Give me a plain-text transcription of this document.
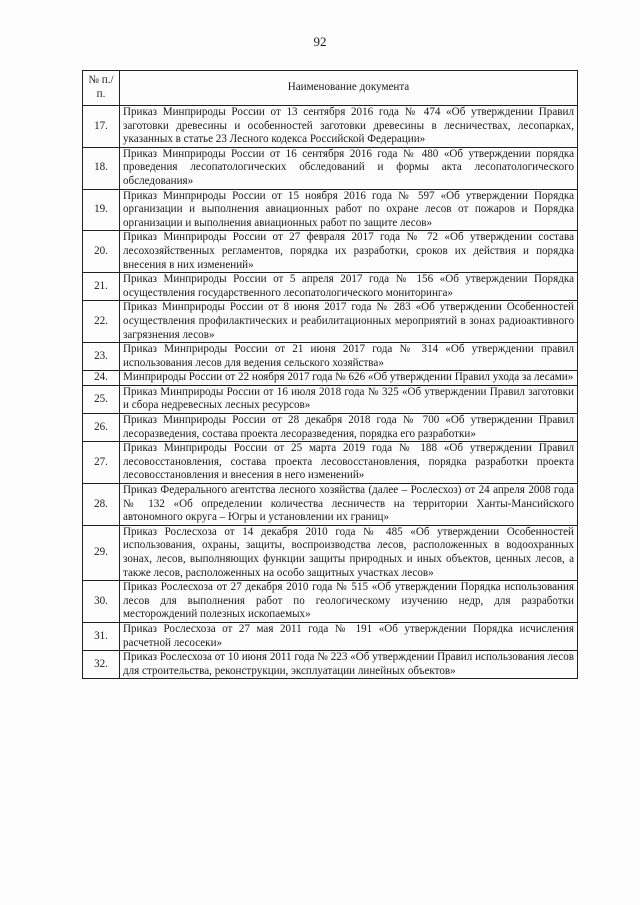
92
№ п./п.	Наименование документа
17.	Приказ Минприроды России от 13 сентября 2016 года № 474 «Об утверждении Правил заготовки древесины и особенностей заготовки древесины в лесничествах, лесопарках, указанных в статье 23 Лесного кодекса Российской Федерации»
18.	Приказ Минприроды России от 16 сентября 2016 года № 480 «Об утверждении порядка проведения лесопатологических обследований и формы акта лесопатологического обследования»
19.	Приказ Минприроды России от 15 ноября 2016 года № 597 «Об утверждении Порядка организации и выполнения авиационных работ по охране лесов от пожаров и Порядка организации и выполнения авиационных работ по защите лесов»
20.	Приказ Минприроды России от 27 февраля 2017 года № 72 «Об утверждении состава лесохозяйственных регламентов, порядка их разработки, сроков их действия и порядка внесения в них изменений»
21.	Приказ Минприроды России от 5 апреля 2017 года № 156 «Об утверждении Порядка осуществления государственного лесопатологического мониторинга»
22.	Приказ Минприроды России от 8 июня 2017 года № 283 «Об утверждении Особенностей осуществления профилактических и реабилитационных мероприятий в зонах радиоактивного загрязнения лесов»
23.	Приказ Минприроды России от 21 июня 2017 года № 314 «Об утверждении правил использования лесов для ведения сельского хозяйства»
24.	Минприроды России от 22 ноября 2017 года № 626 «Об утверждении Правил ухода за лесами»
25.	Приказ Минприроды России от 16 июля 2018 года № 325 «Об утверждении Правил заготовки и сбора недревесных лесных ресурсов»
26.	Приказ Минприроды России от 28 декабря 2018 года № 700 «Об утверждении Правил лесоразведения, состава проекта лесоразведения, порядка его разработки»
27.	Приказ Минприроды России от 25 марта 2019 года № 188 «Об утверждении Правил лесовосстановления, состава проекта лесовосстановления, порядка разработки проекта лесовосстановления и внесения в него изменений»
28.	Приказ Федерального агентства лесного хозяйства (далее – Рослесхоз) от 24 апреля 2008 года № 132 «Об определении количества лесничеств на территории Ханты-Мансийского автономного округа – Югры и установлении их границ»
29.	Приказ Рослесхоза от 14 декабря 2010 года № 485 «Об утверждении Особенностей использования, охраны, защиты, воспроизводства лесов, расположенных в водоохранных зонах, лесов, выполняющих функции защиты природных и иных объектов, ценных лесов, а также лесов, расположенных на особо защитных участках лесов»
30.	Приказ Рослесхоза от 27 декабря 2010 года № 515 «Об утверждении Порядка использования лесов для выполнения работ по геологическому изучению недр, для разработки месторождений полезных ископаемых»
31.	Приказ Рослесхоза от 27 мая 2011 года № 191 «Об утверждении Порядка исчисления расчетной лесосеки»
32.	Приказ Рослесхоза от 10 июня 2011 года № 223 «Об утверждении Правил использования лесов для строительства, реконструкции, эксплуатации линейных объектов»
